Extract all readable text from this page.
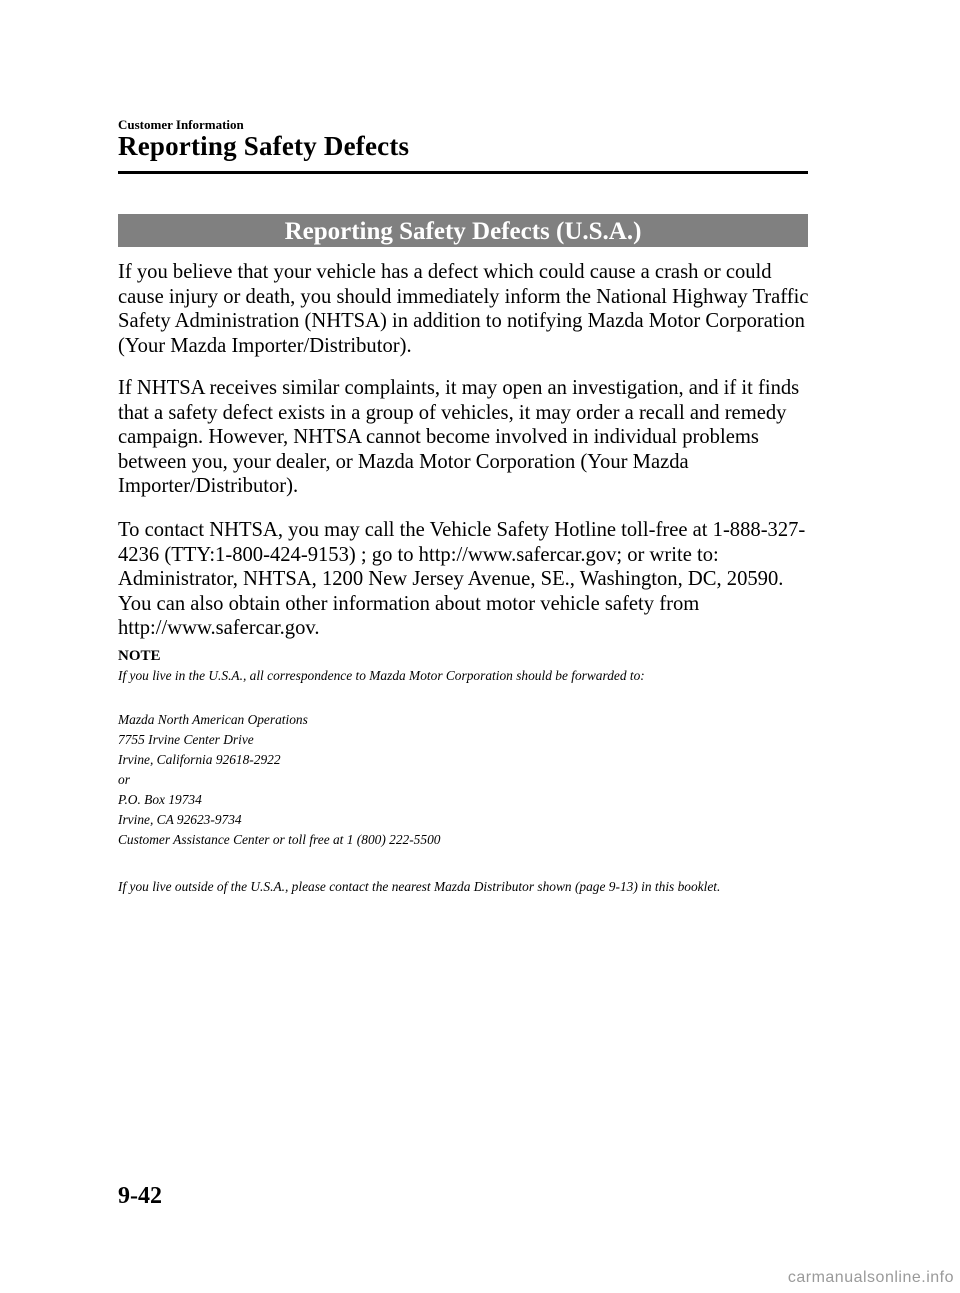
Customer Information
Reporting Safety Defects
Reporting Safety Defects (U.S.A.)

If you believe that your vehicle has a defect which could cause a crash or could cause injury or death, you should immediately inform the National Highway Traffic Safety Administration (NHTSA) in addition to notifying Mazda Motor Corporation (Your Mazda Importer/Distributor).

If NHTSA receives similar complaints, it may open an investigation, and if it finds that a safety defect exists in a group of vehicles, it may order a recall and remedy campaign. However, NHTSA cannot become involved in individual problems between you, your dealer, or Mazda Motor Corporation (Your Mazda Importer/Distributor).

To contact NHTSA, you may call the Vehicle Safety Hotline toll-free at 1-888-327-4236 (TTY:1-800-424-9153) ; go to http://www.safercar.gov; or write to: Administrator, NHTSA, 1200 New Jersey Avenue, SE., Washington, DC, 20590. You can also obtain other information about motor vehicle safety from http://www.safercar.gov.

NOTE

If you live in the U.S.A., all correspondence to Mazda Motor Corporation should be forwarded to:

Mazda North American Operations
7755 Irvine Center Drive
Irvine, California 92618-2922
or
P.O. Box 19734
Irvine, CA 92623-9734
Customer Assistance Center or toll free at 1 (800) 222-5500

If you live outside of the U.S.A., please contact the nearest Mazda Distributor shown (page 9-13) in this booklet.

9-42
carmanualsonline.info
